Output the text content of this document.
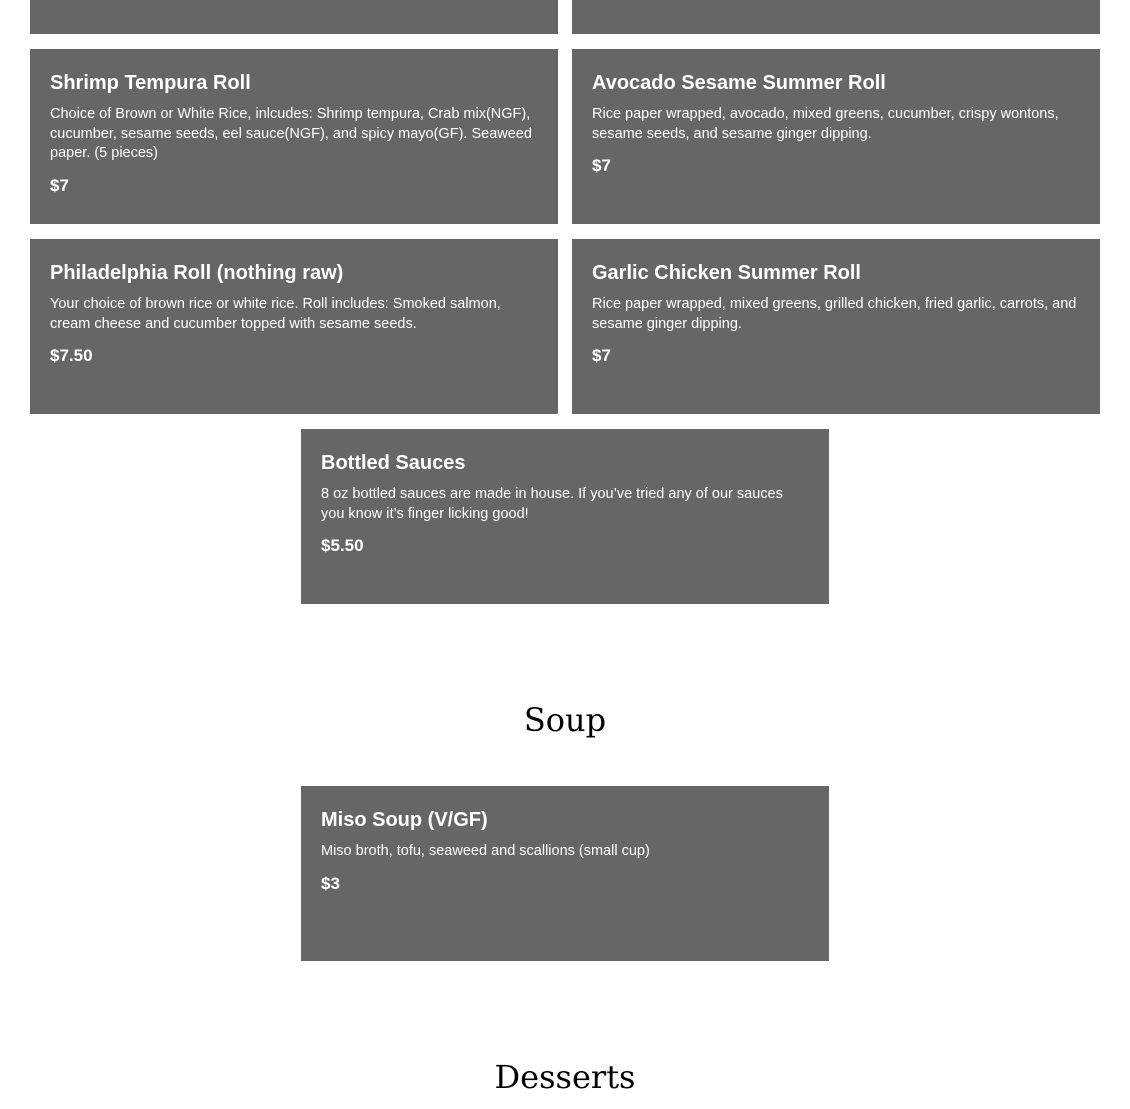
Shrimp Tempura Roll
Choice of Brown or White Rice, inlcudes: Shrimp tempura, Crab mix(NGF), cucumber, sesame seeds, eel sauce(NGF), and spicy mayo(GF). Seaweed paper. (5 pieces)
$7
Avocado Sesame Summer Roll
Rice paper wrapped, avocado, mixed greens, cucumber, crispy wontons, sesame seeds, and sesame ginger dipping.
$7
Philadelphia Roll (nothing raw)
Your choice of brown rice or white rice. Roll includes: Smoked salmon, cream cheese and cucumber topped with sesame seeds.
$7.50
Garlic Chicken Summer Roll
Rice paper wrapped, mixed greens, grilled chicken, fried garlic, carrots, and sesame ginger dipping.
$7
Bottled Sauces
8 oz bottled sauces are made in house. If you’ve tried any of our sauces you know it’s finger licking good!
$5.50
Soup
Miso Soup (V/GF)
Miso broth, tofu, seaweed and scallions (small cup)
$3
Desserts
